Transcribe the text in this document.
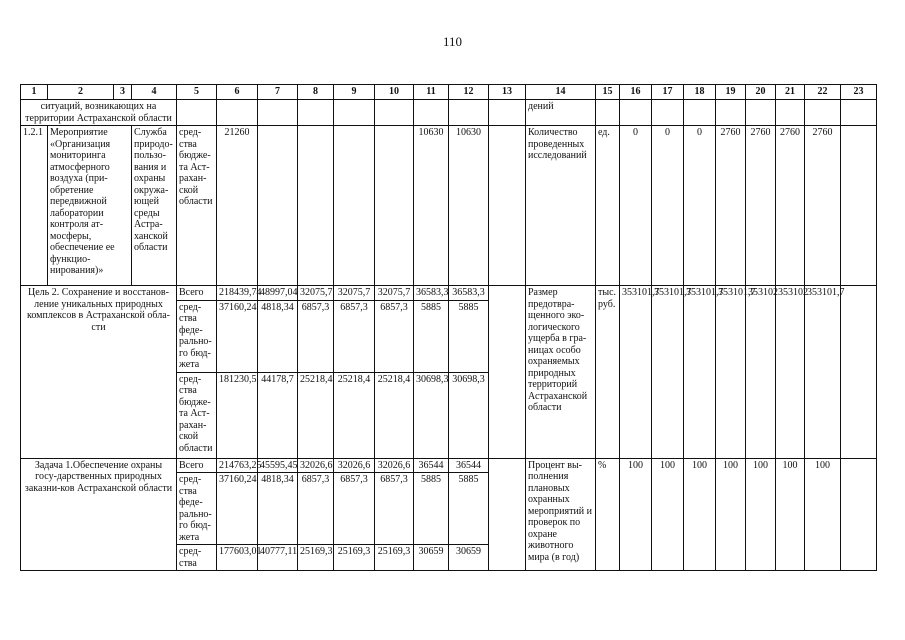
110
1	2	3	4	5	6	7	8	9	10	11	12	13	14	15	16	17	18	19	20	21	22	23
ситуаций, возникающих на территории Астраханской области													дений									
1.2.1	Мероприятие «Организация мониторинга атмосферного воздуха (при-обретение передвижной лаборатории контроля ат-мосферы, обеспечение ее функцио-нирования)»		Служба природо-пользо-вания и охраны окружа-ющей среды Астра-ханской области	сред-ства бюдже-та Аст-рахан-ской области	21260					10630	10630		Количество проведенных исследований	ед.	0	0	0	2760	2760	2760	2760	
Цель 2. Сохранение и восстанов-ление уникальных природных комплексов в Астраханской обла-сти				Всего	218439,74	48997,04	32075,7	32075,7	32075,7	36583,3	36583,3		Размер предотвра-щенного эко-логического ущерба в гра-ницах особо охраняемых природных территорий Астраханской области	тыс. руб.	353101,7	353101,7	353101,7	353101,7	353102	353102	353101,7	
				сред-ства феде-рально-го бюд-жета	37160,24	4818,34	6857,3	6857,3	6857,3	5885	5885											
				сред-ства бюдже-та Аст-рахан-ской области	181230,5	44178,7	25218,4	25218,4	25218,4	30698,3	30698,3											
Задача 1.Обеспечение охраны госу-дарственных природных заказни-ков Астраханской области				Всего	214763,25	45595,45	32026,6	32026,6	32026,6	36544	36544		Процент вы-полнения плановых охранных мероприятий и проверок по охране животного мира (в год)	%	100	100	100	100	100	100	100	
				сред-ства феде-рально-го бюд-жета	37160,24	4818,34	6857,3	6857,3	6857,3	5885	5885											
				сред-ства	177603,01	40777,11	25169,3	25169,3	25169,3	30659	30659											
